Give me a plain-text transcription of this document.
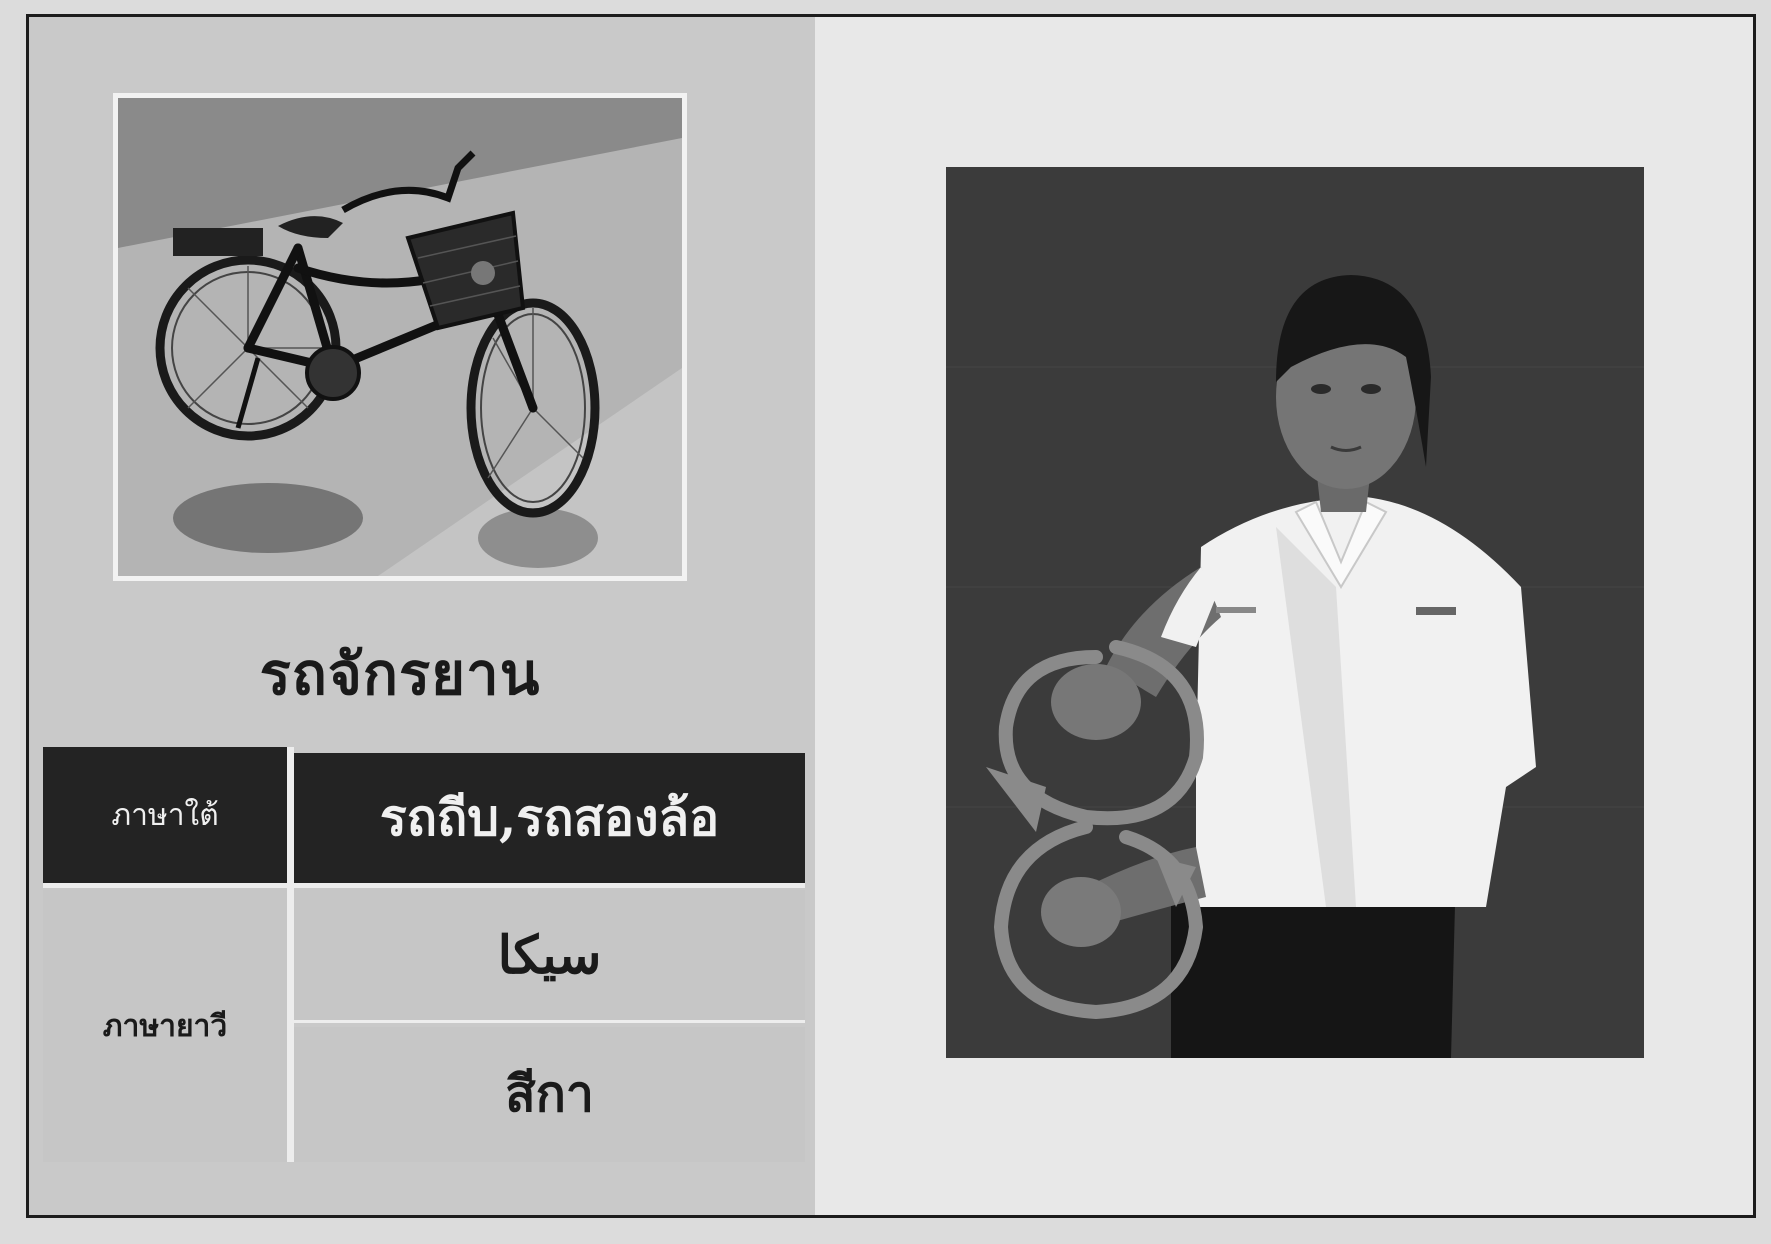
รถจักรยาน
ภาษาใต้	รถถีบ,รถสองล้อ
ภาษายาวี
سيكا
สีกา
